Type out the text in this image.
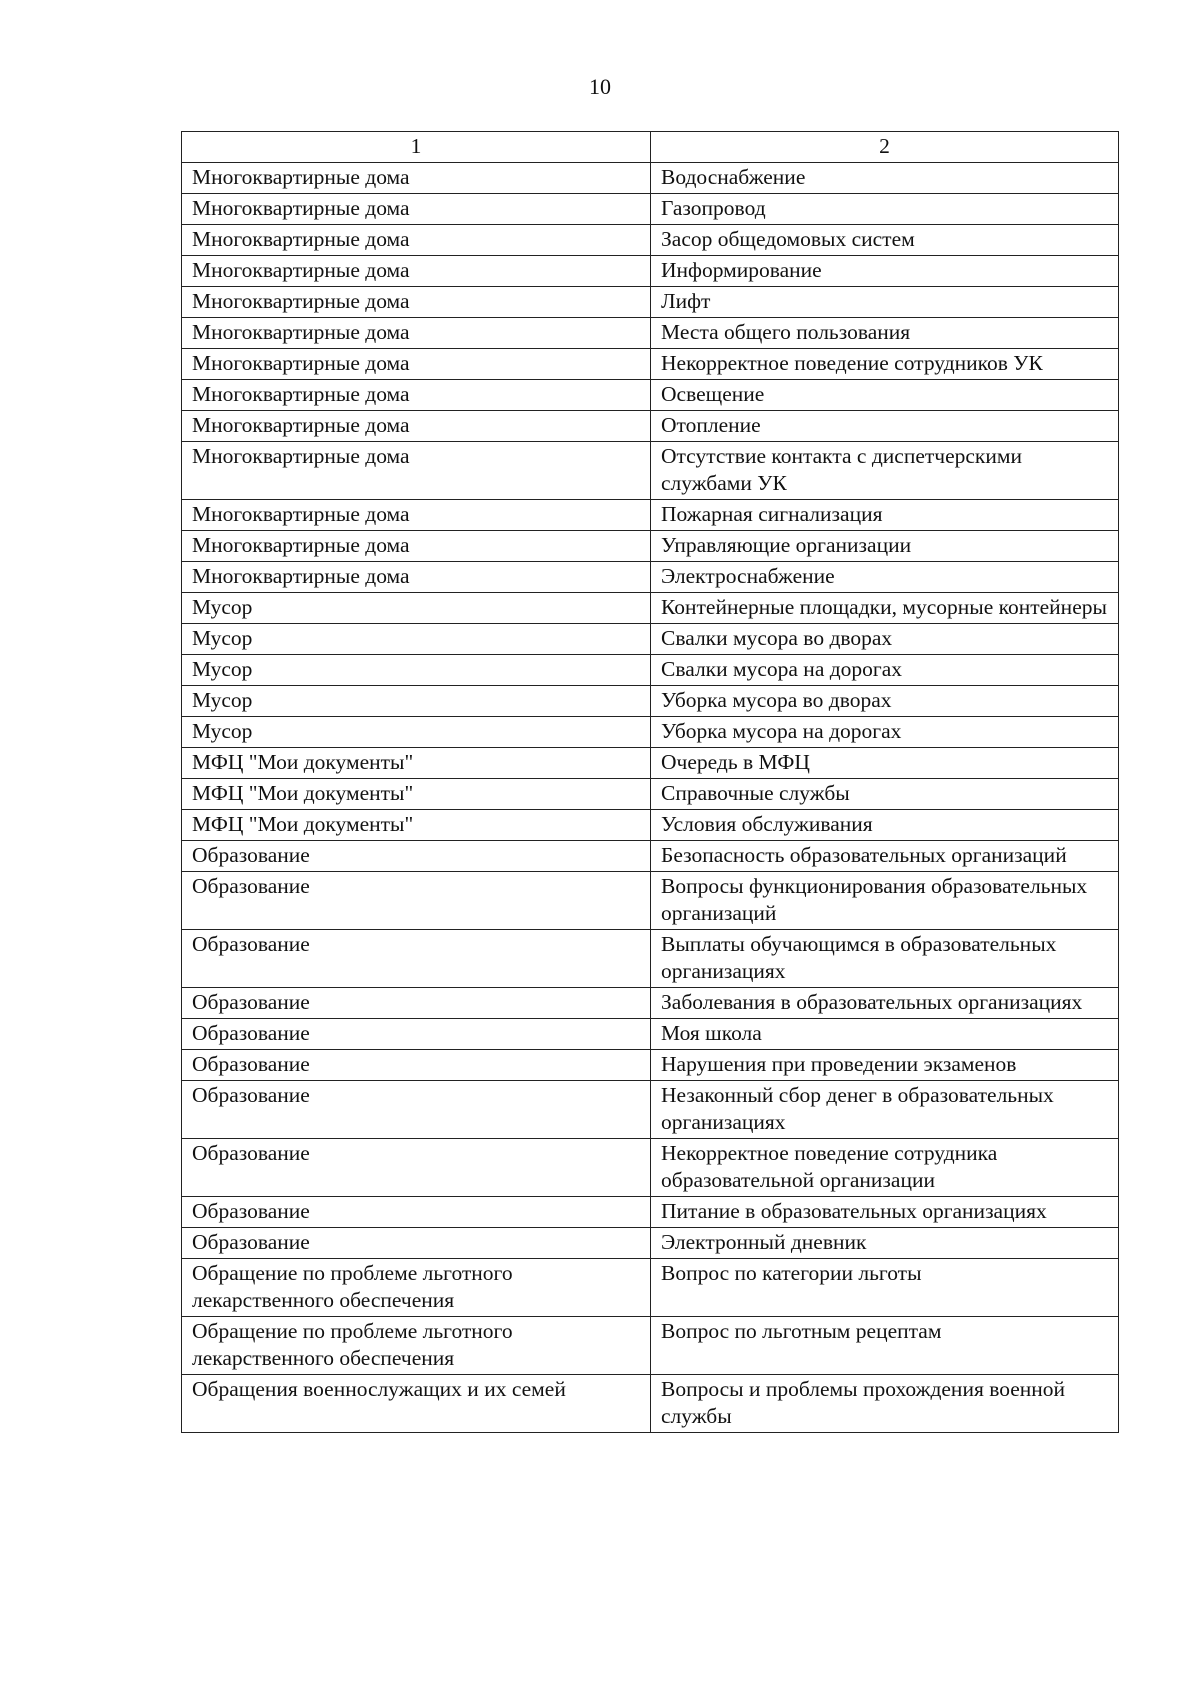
10
1	2
Многоквартирные дома	Водоснабжение
Многоквартирные дома	Газопровод
Многоквартирные дома	Засор общедомовых систем
Многоквартирные дома	Информирование
Многоквартирные дома	Лифт
Многоквартирные дома	Места общего пользования
Многоквартирные дома	Некорректное поведение сотрудников УК
Многоквартирные дома	Освещение
Многоквартирные дома	Отопление
Многоквартирные дома	Отсутствие контакта с диспетчерскими службами УК
Многоквартирные дома	Пожарная сигнализация
Многоквартирные дома	Управляющие организации
Многоквартирные дома	Электроснабжение
Мусор	Контейнерные площадки, мусорные контейнеры
Мусор	Свалки мусора во дворах
Мусор	Свалки мусора на дорогах
Мусор	Уборка мусора во дворах
Мусор	Уборка мусора на дорогах
МФЦ "Мои документы"	Очередь в МФЦ
МФЦ "Мои документы"	Справочные службы
МФЦ "Мои документы"	Условия обслуживания
Образование	Безопасность образовательных организаций
Образование	Вопросы функционирования образовательных организаций
Образование	Выплаты обучающимся в образовательных организациях
Образование	Заболевания в образовательных организациях
Образование	Моя школа
Образование	Нарушения при проведении экзаменов
Образование	Незаконный сбор денег в образовательных организациях
Образование	Некорректное поведение сотрудника образовательной организации
Образование	Питание в образовательных организациях
Образование	Электронный дневник
Обращение по проблеме льготного лекарственного обеспечения	Вопрос по категории льготы
Обращение по проблеме льготного лекарственного обеспечения	Вопрос по льготным рецептам
Обращения военнослужащих и их семей	Вопросы и проблемы прохождения военной службы
